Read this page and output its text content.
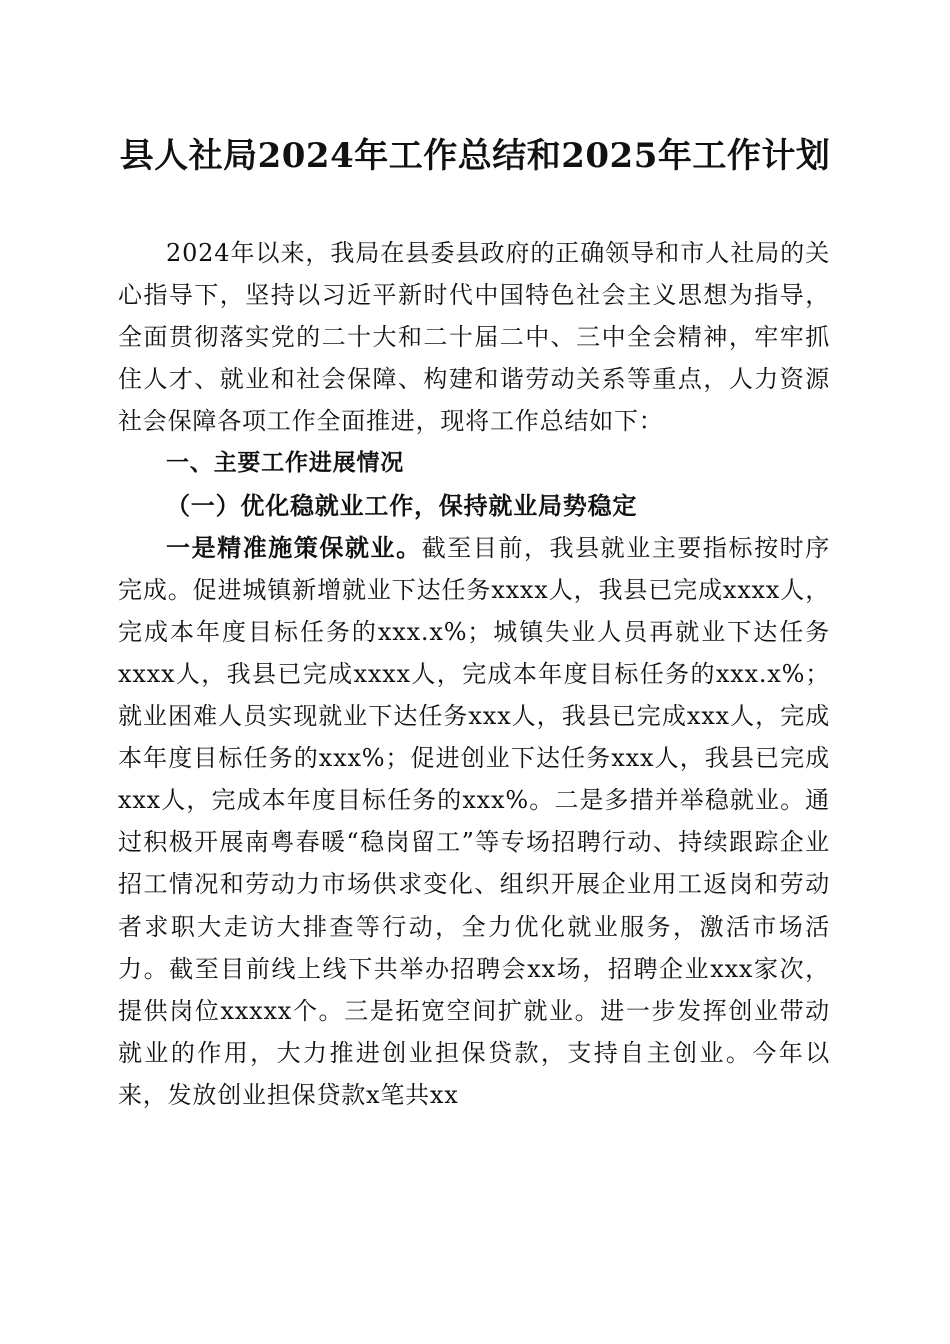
县人社局2024年工作总结和2025年工作计划

2024年以来，我局在县委县政府的正确领导和市人社局的关心指导下，坚持以习近平新时代中国特色社会主义思想为指导，全面贯彻落实党的二十大和二十届二中、三中全会精神，牢牢抓住人才、就业和社会保障、构建和谐劳动关系等重点，人力资源社会保障各项工作全面推进，现将工作总结如下：

一、主要工作进展情况

（一）优化稳就业工作，保持就业局势稳定

一是精准施策保就业。截至目前，我县就业主要指标按时序完成。促进城镇新增就业下达任务xxxx人，我县已完成xxxx人，完成本年度目标任务的xxx.x%；城镇失业人员再就业下达任务xxxx人，我县已完成xxxx人，完成本年度目标任务的xxx.x%；就业困难人员实现就业下达任务xxx人，我县已完成xxx人，完成本年度目标任务的xxx%；促进创业下达任务xxx人，我县已完成xxx人，完成本年度目标任务的xxx%。二是多措并举稳就业。通过积极开展南粤春暖“稳岗留工”等专场招聘行动、持续跟踪企业招工情况和劳动力市场供求变化、组织开展企业用工返岗和劳动者求职大走访大排查等行动，全力优化就业服务，激活市场活力。截至目前线上线下共举办招聘会xx场，招聘企业xxx家次，提供岗位xxxxx个。三是拓宽空间扩就业。进一步发挥创业带动就业的作用，大力推进创业担保贷款，支持自主创业。今年以来，发放创业担保贷款x笔共xx
